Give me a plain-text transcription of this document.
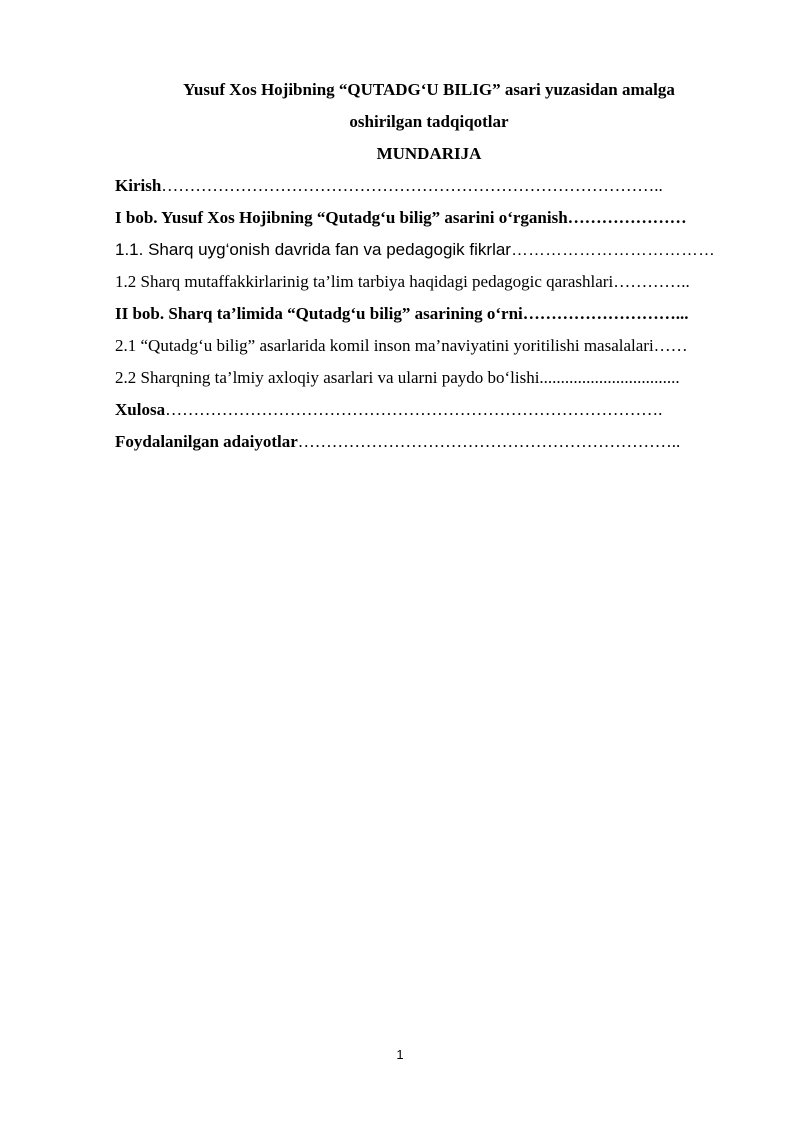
Yusuf Xos Hojibning “QUTADG‘U BILIG” asari yuzasidan amalga

oshirilgan tadqiqotlar

MUNDARIJA

Kirish……………………………………………………………………………..

I bob. Yusuf Xos Hojibning “Qutadg‘u bilig” asarini o‘rganish…………………

1.1. Sharq uyg‘onish davrida fan va pedagogik fikrlar………………………………

1.2 Sharq mutaffakkirlarinig ta’lim tarbiya haqidagi pedagogic qarashlari…………..

II bob. Sharq ta’limida “Qutadg‘u bilig” asarining o‘rni………………………...

2.1 “Qutadg‘u bilig” asarlarida komil inson ma’naviyatini yoritilishi masalalari……

2.2 Sharqning ta’lmiy axloqiy asarlari va ularni paydo bo‘lishi.................................

Xulosa…………………………………………………………………………….

Foydalanilgan adaiyotlar…………………………………………………………..

1
